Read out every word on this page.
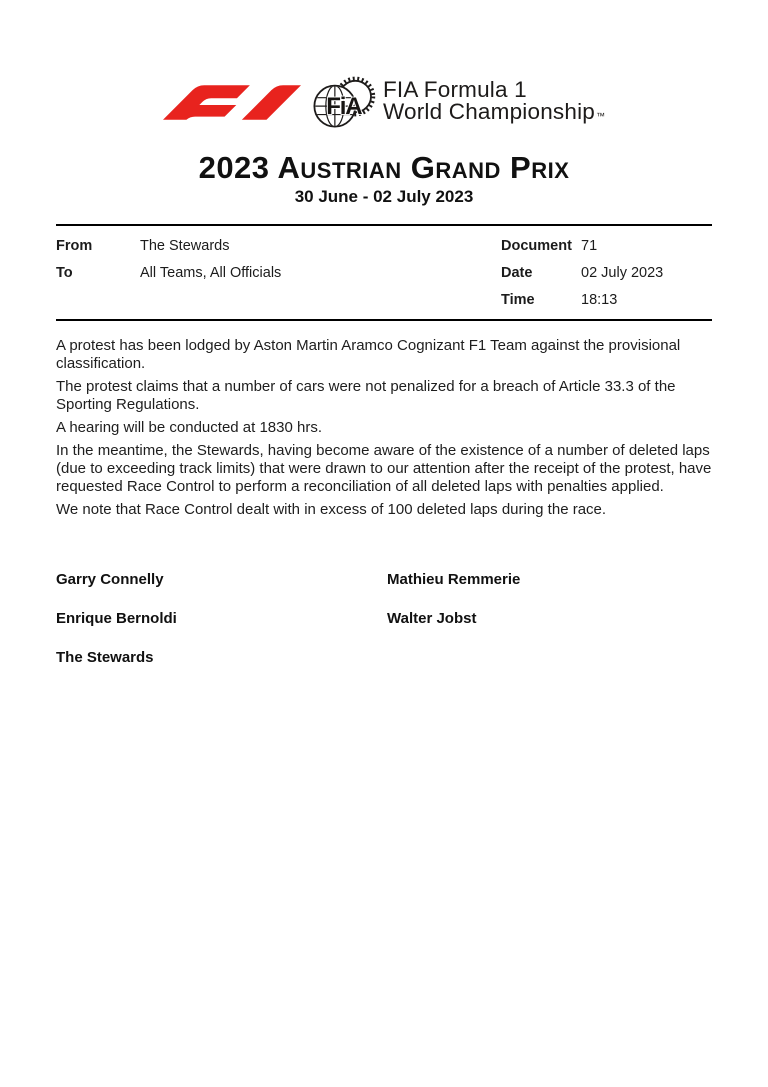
FiA
FIA Formula 1
World Championship™
2023 Austrian Grand Prix
30 June - 02 July 2023
From	The Stewards
To	All Teams, All Officials
Document 71
Date	02 July 2023
Time	18:13

A protest has been lodged by Aston Martin Aramco Cognizant F1 Team against the provisional classification.

The protest claims that a number of cars were not penalized for a breach of Article 33.3 of the Sporting Regulations.

A hearing will be conducted at 1830 hrs.

In the meantime, the Stewards, having become aware of the existence of a number of deleted laps (due to exceeding track limits) that were drawn to our attention after the receipt of the protest, have requested Race Control to perform a reconciliation of all deleted laps with penalties applied.

We note that Race Control dealt with in excess of 100 deleted laps during the race.

Garry Connelly	Mathieu Remmerie
Enrique Bernoldi	Walter Jobst
The Stewards
